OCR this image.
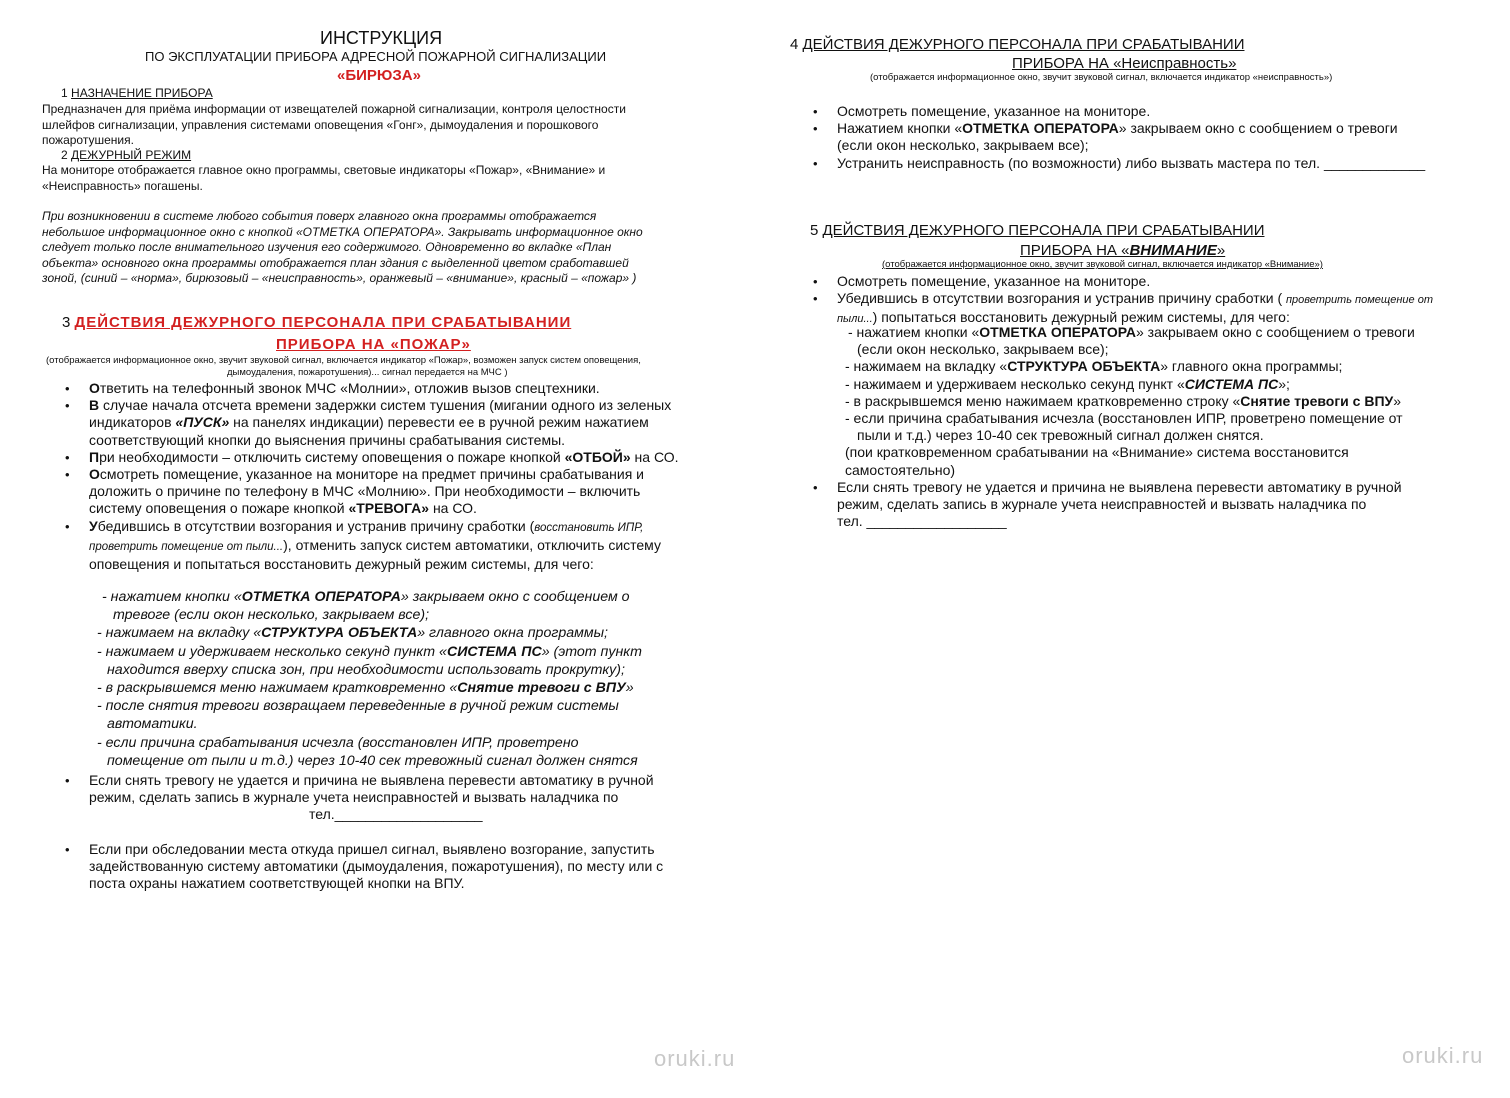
ИНСТРУКЦИЯ
ПО ЭКСПЛУАТАЦИИ ПРИБОРА АДРЕСНОЙ ПОЖАРНОЙ СИГНАЛИЗАЦИИ
«БИРЮЗА»
1 НАЗНАЧЕНИЕ ПРИБОРА
Предназначен для приёма информации от извещателей пожарной сигнализации, контроля целостности
шлейфов сигнализации, управления системами оповещения «Гонг», дымоудаления и порошкового
пожаротушения.
2 ДЕЖУРНЫЙ РЕЖИМ
На мониторе отображается главное окно программы, световые индикаторы «Пожар», «Внимание» и
«Неисправность» погашены.
При возникновении в системе любого события поверх главного окна программы отображается
небольшое информационное окно с кнопкой «ОТМЕТКА ОПЕРАТОРА». Закрывать информационное окно
следует только после внимательного изучения его содержимого. Одновременно во вкладке «План
объекта» основного окна программы отображается план здания с выделенной цветом сработавшей
зоной, (синий – «норма», бирюзовый – «неисправность», оранжевый – «внимание», красный – «пожар» )
3 ДЕЙСТВИЯ ДЕЖУРНОГО ПЕРСОНАЛА ПРИ СРАБАТЫВАНИИ
ПРИБОРА НА «ПОЖАР»
(отображается информационное окно, звучит звуковой сигнал, включается индикатор «Пожар», возможен запуск систем оповещения,
дымоудаления, пожаротушения)... сигнал передается на МЧС )
• Ответить на телефонный звонок МЧС «Молнии», отложив вызов спецтехники.
• В случае начала отсчета времени задержки систем тушения (мигании одного из зеленых
индикаторов «ПУСК» на панелях индикации) перевести ее в ручной режим нажатием
соответствующий кнопки до выяснения причины срабатывания системы.
• При необходимости – отключить систему оповещения о пожаре кнопкой «ОТБОЙ» на СО.
• Осмотреть помещение, указанное на мониторе на предмет причины срабатывания и
доложить о причине по телефону в МЧС «Молнию». При необходимости – включить
систему оповещения о пожаре кнопкой «ТРЕВОГА» на СО.
• Убедившись в отсутствии возгорания и устранив причину сработки (восстановить ИПР,
проветрить помещение от пыли...), отменить запуск систем автоматики, отключить систему
оповещения и попытаться восстановить дежурный режим системы, для чего:
- нажатием кнопки «ОТМЕТКА ОПЕРАТОРА» закрываем окно с сообщением о
тревоге (если окон несколько, закрываем все);
- нажимаем на вкладку «СТРУКТУРА ОБЪЕКТА» главного окна программы;
- нажимаем и удерживаем несколько секунд пункт «СИСТЕМА ПС» (этот пункт
находится вверху списка зон, при необходимости использовать прокрутку);
- в раскрывшемся меню нажимаем кратковременно «Снятие тревоги с ВПУ»
- после снятия тревоги возвращаем переведенные в ручной режим системы
автоматики.
- если причина срабатывания исчезла (восстановлен ИПР, проветрено
помещение от пыли и т.д.) через 10-40 сек тревожный сигнал должен снятся
• Если снять тревогу не удается и причина не выявлена перевести автоматику в ручной
режим, сделать запись в журнале учета неисправностей и вызвать наладчика по
тел.___________________
• Если при обследовании места откуда пришел сигнал, выявлено возгорание, запустить
задействованную систему автоматики (дымоудаления, пожаротушения), по месту или с
поста охраны нажатием соответствующей кнопки на ВПУ.
4 ДЕЙСТВИЯ ДЕЖУРНОГО ПЕРСОНАЛА ПРИ СРАБАТЫВАНИИ
ПРИБОРА НА «Неисправность»
(отображается информационное окно, звучит звуковой сигнал, включается индикатор «неисправность»)
• Осмотреть помещение, указанное на мониторе.
• Нажатием кнопки «ОТМЕТКА ОПЕРАТОРА» закрываем окно с сообщением о тревоги
(если окон несколько, закрываем все);
• Устранить неисправность (по возможности) либо вызвать мастера по тел. _____________
5 ДЕЙСТВИЯ ДЕЖУРНОГО ПЕРСОНАЛА ПРИ СРАБАТЫВАНИИ
ПРИБОРА НА «ВНИМАНИЕ»
(отображается информационное окно, звучит звуковой сигнал, включается индикатор «Внимание»)
• Осмотреть помещение, указанное на мониторе.
• Убедившись в отсутствии возгорания и устранив причину сработки ( проветрить помещение от
пыли...) попытаться восстановить дежурный режим системы, для чего:
- нажатием кнопки «ОТМЕТКА ОПЕРАТОРА» закрываем окно с сообщением о тревоги
(если окон несколько, закрываем все);
- нажимаем на вкладку «СТРУКТУРА ОБЪЕКТА» главного окна программы;
- нажимаем и удерживаем несколько секунд пункт «СИСТЕМА ПС»;
- в раскрывшемся меню нажимаем кратковременно строку «Снятие тревоги с ВПУ»
- если причина срабатывания исчезла (восстановлен ИПР, проветрено помещение от
пыли и т.д.) через 10-40 сек тревожный сигнал должен снятся.
(пои кратковременном срабатывании на «Внимание» система восстановится
самостоятельно)
• Если снять тревогу не удается и причина не выявлена перевести автоматику в ручной
режим, сделать запись в журнале учета неисправностей и вызвать наладчика по
тел. __________________
oruki.ru	oruki.ru
